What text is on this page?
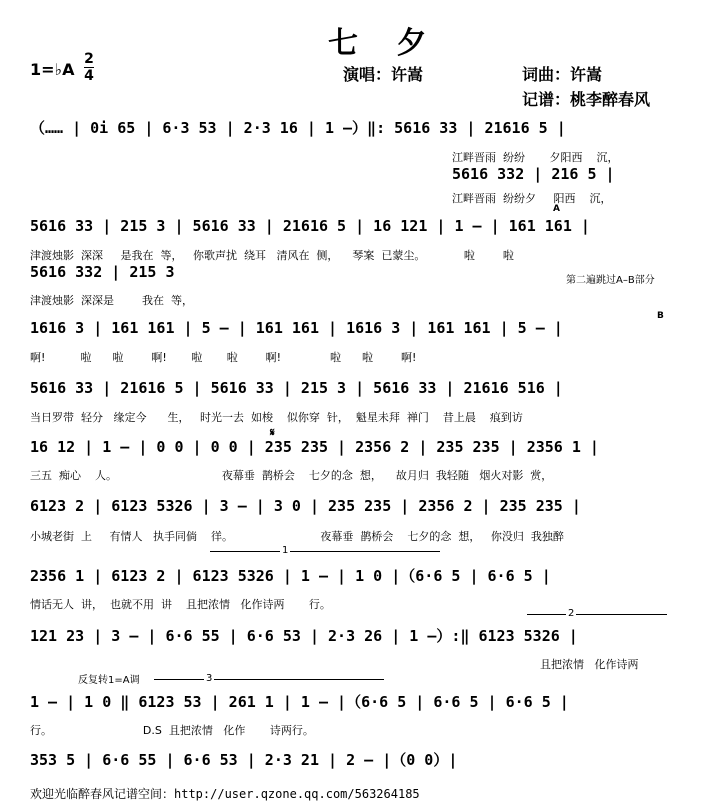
七 夕
1=♭A
2
4	演唱：许嵩	词曲：许嵩
记谱：桃李醉春风
（…… | 0i 65 | 6·3 53 | 2·3 16 | 1 –）‖: 5616 33 | 21616 5 |
江畔晋雨  纷纷       夕阳西    沉，
5616 332 | 216 5 |
江畔晋雨  纷纷夕     阳西    沉，
A
5616 33 | 215 3 | 5616 33 | 21616 5 | 16 121 | 1 – | 161 161 |
津渡烛影  深深     是我在  等，   你歌声扰  绕耳   清风在  侧，    琴案  已蒙尘。           啦        啦
5616 332 | 215 3	第二遍跳过A–B部分
津渡烛影  深深是        我在  等，
B
1616 3 | 161 161 | 5 – | 161 161 | 1616 3 | 161 161 | 5 – |
啊!          啦      啦        啊!       啦       啦        啊!              啦      啦        啊!
5616 33 | 21616 5 | 5616 33 | 215 3 | 5616 33 | 21616 516 |
当日罗带  轻分   缘定今      生，   时光一去  如梭    似你穿  针，  魁星未拜  禅门    昔上晨    痕到访
𝄋
16 12 | 1 – | 0 0 | 0 0 | 235 235 | 2356 2 | 235 235 | 2356 1 |
三五  痴心    人。                              夜幕垂  鹊桥会    七夕的念  想，    故月归  我轻随   烟火对影  赏，
6123 2 | 6123 5326 | 3 – | 3 0 | 235 235 | 2356 2 | 235 235 |
小城老街  上     有情人   执手同倘    徉。                         夜幕垂  鹊桥会    七夕的念  想，   你没归  我独醉
1
2356 1 | 6123 2 | 6123 5326 | 1 – | 1 0 |（6·6 5 | 6·6 5 |
情话无人  讲，  也就不用  讲    且把浓情   化作诗两       行。
2
121 23 | 3 – | 6·6 55 | 6·6 53 | 2·3 26 | 1 –）:‖ 6123 5326 |
且把浓情   化作诗两
反复转1=A调	3
1 – | 1 0 ‖ 6123 53 | 261 1 | 1 – |（6·6 5 | 6·6 5 | 6·6 5 |
行。                          D.S  且把浓情   化作       诗两行。
353 5 | 6·6 55 | 6·6 53 | 2·3 21 | 2 – |（0 0）|
欢迎光临醉春风记谱空间：http://user.qzone.qq.com/563264185
